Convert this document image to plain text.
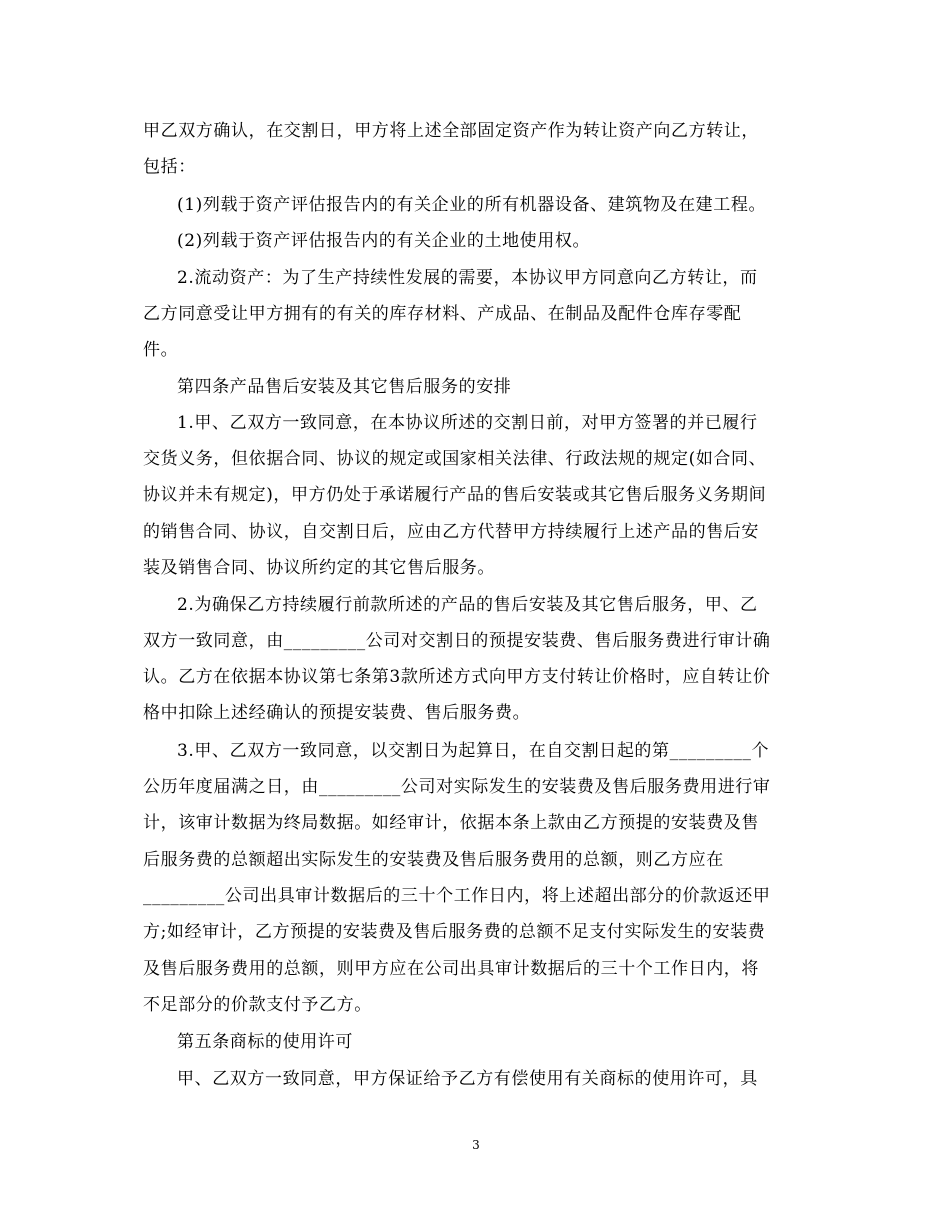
甲乙双方确认，在交割日，甲方将上述全部固定资产作为转让资产向乙方转让，
包括：
(1)列载于资产评估报告内的有关企业的所有机器设备、建筑物及在建工程。
(2)列载于资产评估报告内的有关企业的土地使用权。
2.流动资产：为了生产持续性发展的需要，本协议甲方同意向乙方转让，而
乙方同意受让甲方拥有的有关的库存材料、产成品、在制品及配件仓库存零配
件。
第四条产品售后安装及其它售后服务的安排
1.甲、乙双方一致同意，在本协议所述的交割日前，对甲方签署的并已履行
交货义务，但依据合同、协议的规定或国家相关法律、行政法规的规定(如合同、
协议并未有规定)，甲方仍处于承诺履行产品的售后安装或其它售后服务义务期间
的销售合同、协议，自交割日后，应由乙方代替甲方持续履行上述产品的售后安
装及销售合同、协议所约定的其它售后服务。
2.为确保乙方持续履行前款所述的产品的售后安装及其它售后服务，甲、乙
双方一致同意，由_________公司对交割日的预提安装费、售后服务费进行审计确
认。乙方在依据本协议第七条第3款所述方式向甲方支付转让价格时，应自转让价
格中扣除上述经确认的预提安装费、售后服务费。
3.甲、乙双方一致同意，以交割日为起算日，在自交割日起的第_________个
公历年度届满之日，由_________公司对实际发生的安装费及售后服务费用进行审
计，该审计数据为终局数据。如经审计，依据本条上款由乙方预提的安装费及售
后服务费的总额超出实际发生的安装费及售后服务费用的总额，则乙方应在
_________公司出具审计数据后的三十个工作日内，将上述超出部分的价款返还甲
方;如经审计，乙方预提的安装费及售后服务费的总额不足支付实际发生的安装费
及售后服务费用的总额，则甲方应在公司出具审计数据后的三十个工作日内，将
不足部分的价款支付予乙方。
第五条商标的使用许可
甲、乙双方一致同意，甲方保证给予乙方有偿使用有关商标的使用许可，具
3
